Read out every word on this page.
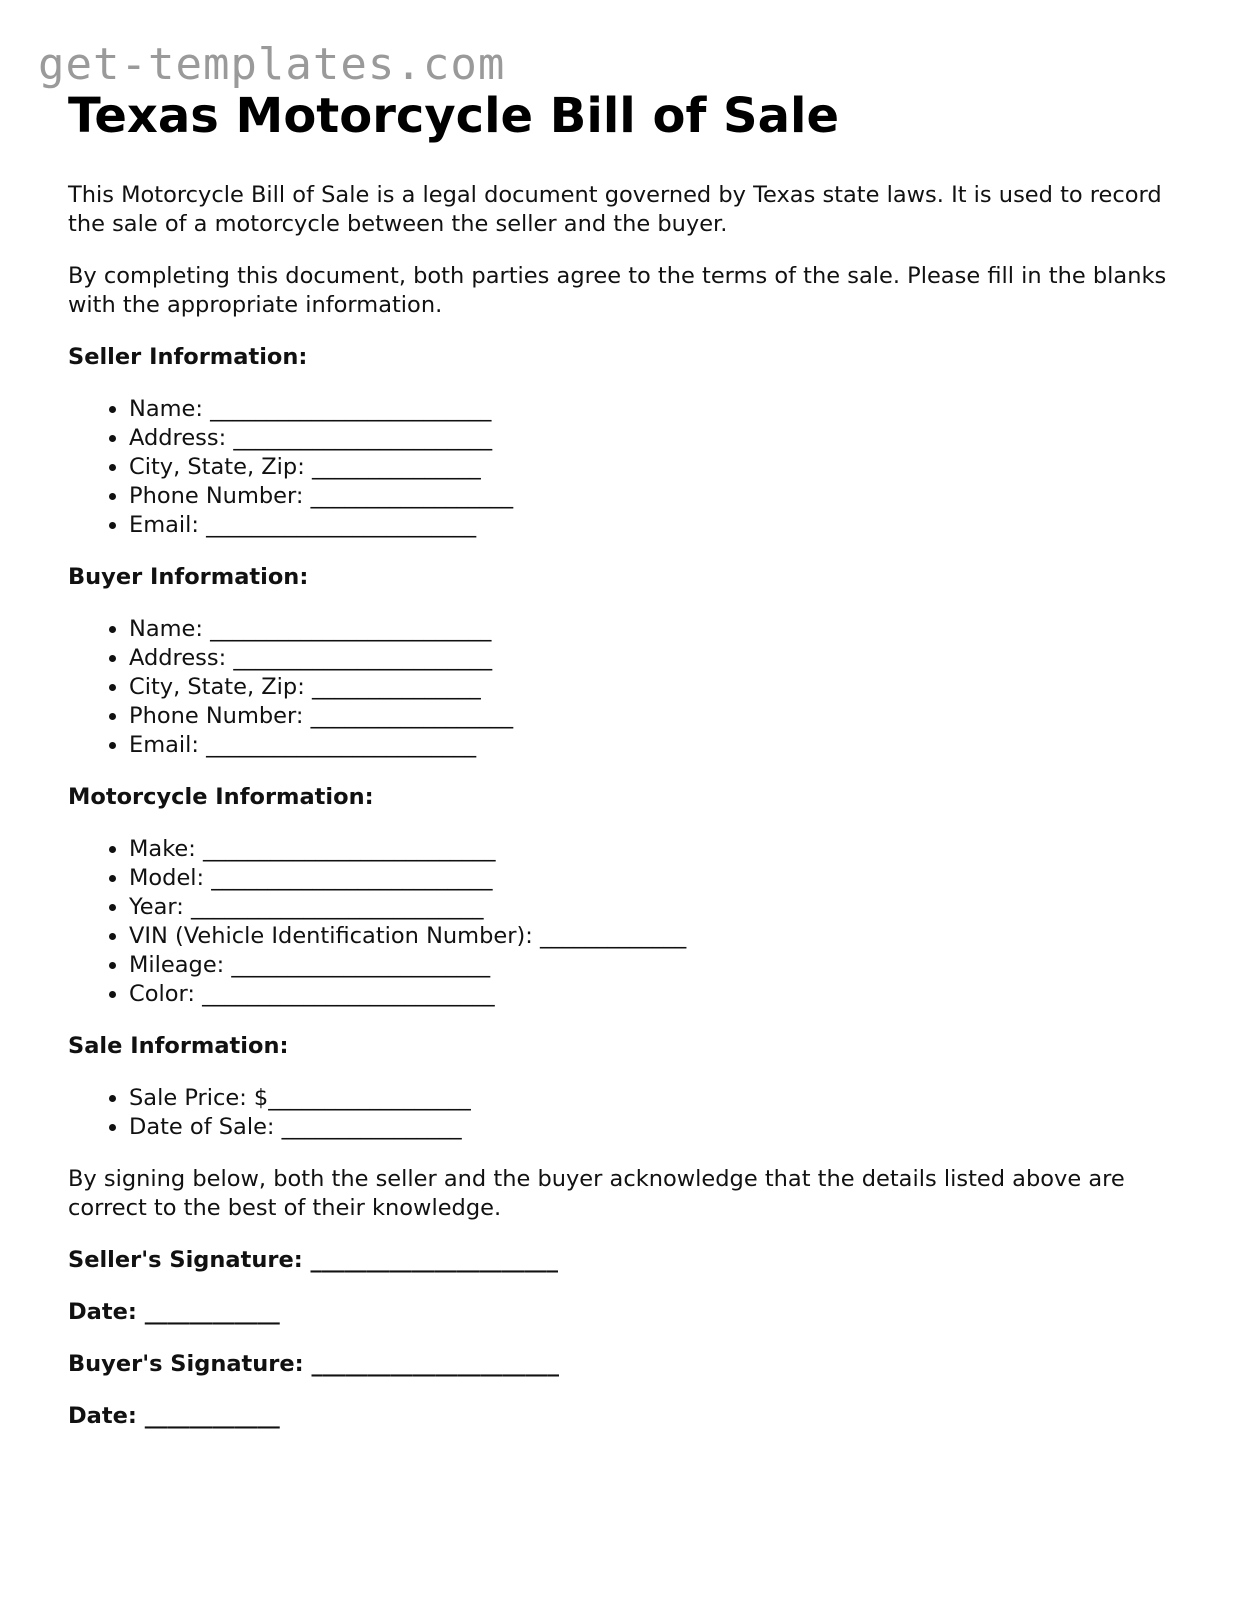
get-templates.com
Texas Motorcycle Bill of Sale

This Motorcycle Bill of Sale is a legal document governed by Texas state laws. It is used to record the sale of a motorcycle between the seller and the buyer.

By completing this document, both parties agree to the terms of the sale. Please fill in the blanks with the appropriate information.

Seller Information:
• Name: _________________________
• Address: _______________________
• City, State, Zip: _______________
• Phone Number: __________________
• Email: ________________________
Buyer Information:
• Name: _________________________
• Address: _______________________
• City, State, Zip: _______________
• Phone Number: __________________
• Email: ________________________
Motorcycle Information:
• Make: __________________________
• Model: _________________________
• Year: __________________________
• VIN (Vehicle Identification Number): _____________
• Mileage: _______________________
• Color: __________________________
Sale Information:
• Sale Price: $__________________
• Date of Sale: ________________

By signing below, both the seller and the buyer acknowledge that the details listed above are correct to the best of their knowledge.

Seller's Signature: ______________________
Date: ____________
Buyer's Signature: ______________________
Date: ____________
